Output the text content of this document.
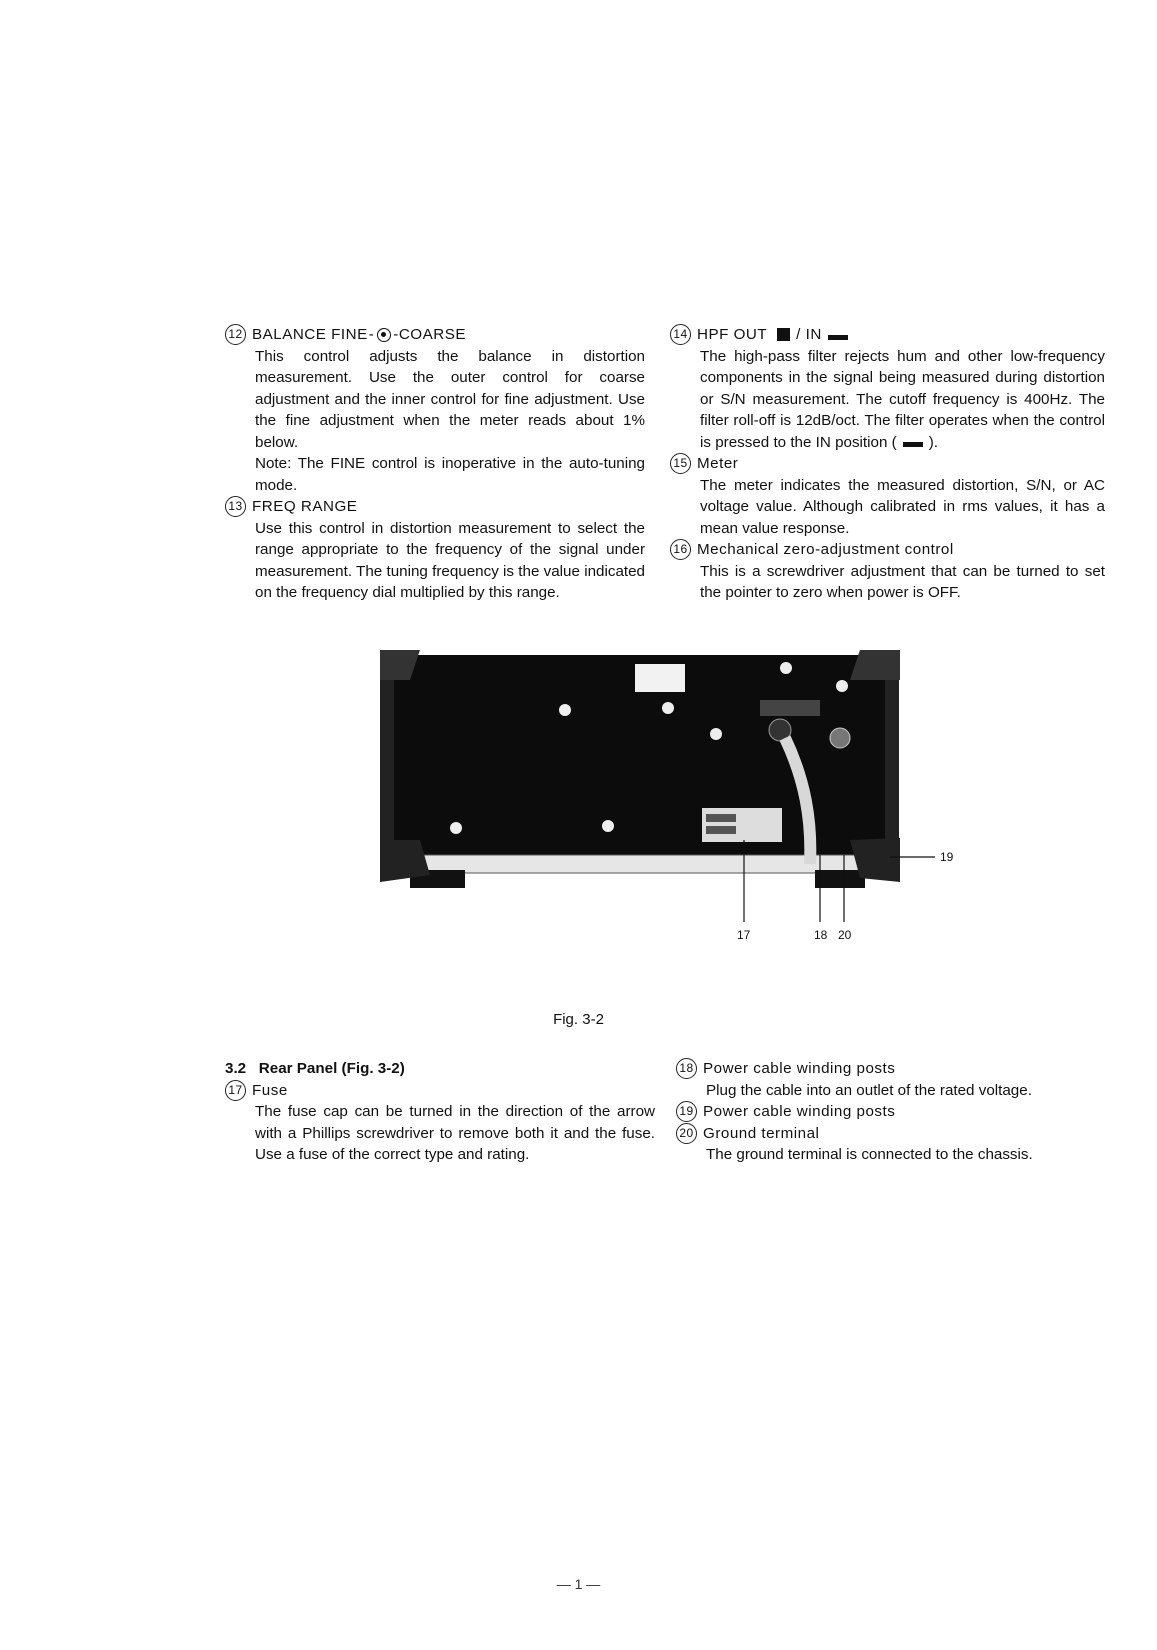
12 BALANCE FINE - - COARSE
This control adjusts the balance in distortion measurement. Use the outer control for coarse adjustment and the inner control for fine adjustment. Use the fine adjustment when the meter reads about 1% below.
Note: The FINE control is inoperative in the auto-tuning mode.
13 FREQ RANGE
Use this control in distortion measurement to select the range appropriate to the frequency of the signal under measurement. The tuning frequency is the value indicated on the frequency dial multiplied by this range.
14 HPF OUT / IN
The high-pass filter rejects hum and other low-frequency components in the signal being measured during distortion or S/N measurement. The cutoff frequency is 400Hz. The filter roll-off is 12dB/oct. The filter operates when the control is pressed to the IN position ( ).
15 Meter
The meter indicates the measured distortion, S/N, or AC voltage value. Although calibrated in rms values, it has a mean value response.
16 Mechanical zero-adjustment control
This is a screwdriver adjustment that can be turned to set the pointer to zero when power is OFF.
17	18 20
19
Fig. 3-2
3.2 Rear Panel (Fig. 3-2)
17 Fuse
The fuse cap can be turned in the direction of the arrow with a Phillips screwdriver to remove both it and the fuse. Use a fuse of the correct type and rating.
18 Power cable winding posts
Plug the cable into an outlet of the rated voltage.
19 Power cable winding posts
20 Ground terminal
The ground terminal is connected to the chassis.
— 1 —
